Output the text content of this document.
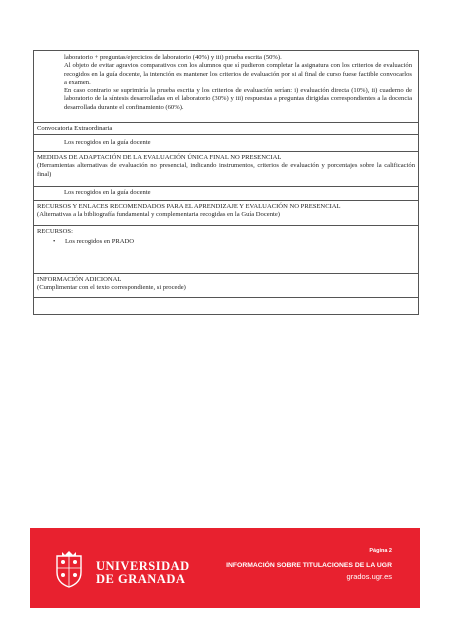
laboratorio + preguntas/ejercicios de laboratorio (40%) y iii) prueba escrita (50%).
Al objeto de evitar agravios comparativos con los alumnos que sí pudieron completar la asignatura con los criterios de evaluación recogidos en la guía docente, la intención es mantener los criterios de evaluación por si al final de curso fuese factible convocarlos a examen.
En caso contrario se suprimiría la prueba escrita y los criterios de evaluación serían: i) evaluación directa (10%), ii) cuaderno de laboratorio de la síntesis desarrolladas en el laboratorio (30%) y iii) respuestas a preguntas dirigidas correspondientes a la docencia desarrollada durante el confinamiento (60%).
Convocatoria Extraordinaria
Los recogidos en la guía docente
MEDIDAS DE ADAPTACIÓN DE LA EVALUACIÓN ÚNICA FINAL NO PRESENCIAL
(Herramientas alternativas de evaluación no presencial, indicando instrumentos, criterios de evaluación y porcentajes sobre la calificación final)
Los recogidos en la guía docente
RECURSOS Y ENLACES RECOMENDADOS PARA EL APRENDIZAJE Y EVALUACIÓN NO PRESENCIAL
(Alternativas a la bibliografía fundamental y complementaria recogidas en la Guía Docente)
RECURSOS:
•	Los recogidos en PRADO
INFORMACIÓN ADICIONAL
(Cumplimentar con el texto correspondiente, si procede)
UNIVERSIDAD
DE GRANADA
Página 2
INFORMACIÓN SOBRE TITULACIONES DE LA UGR
grados.ugr.es
